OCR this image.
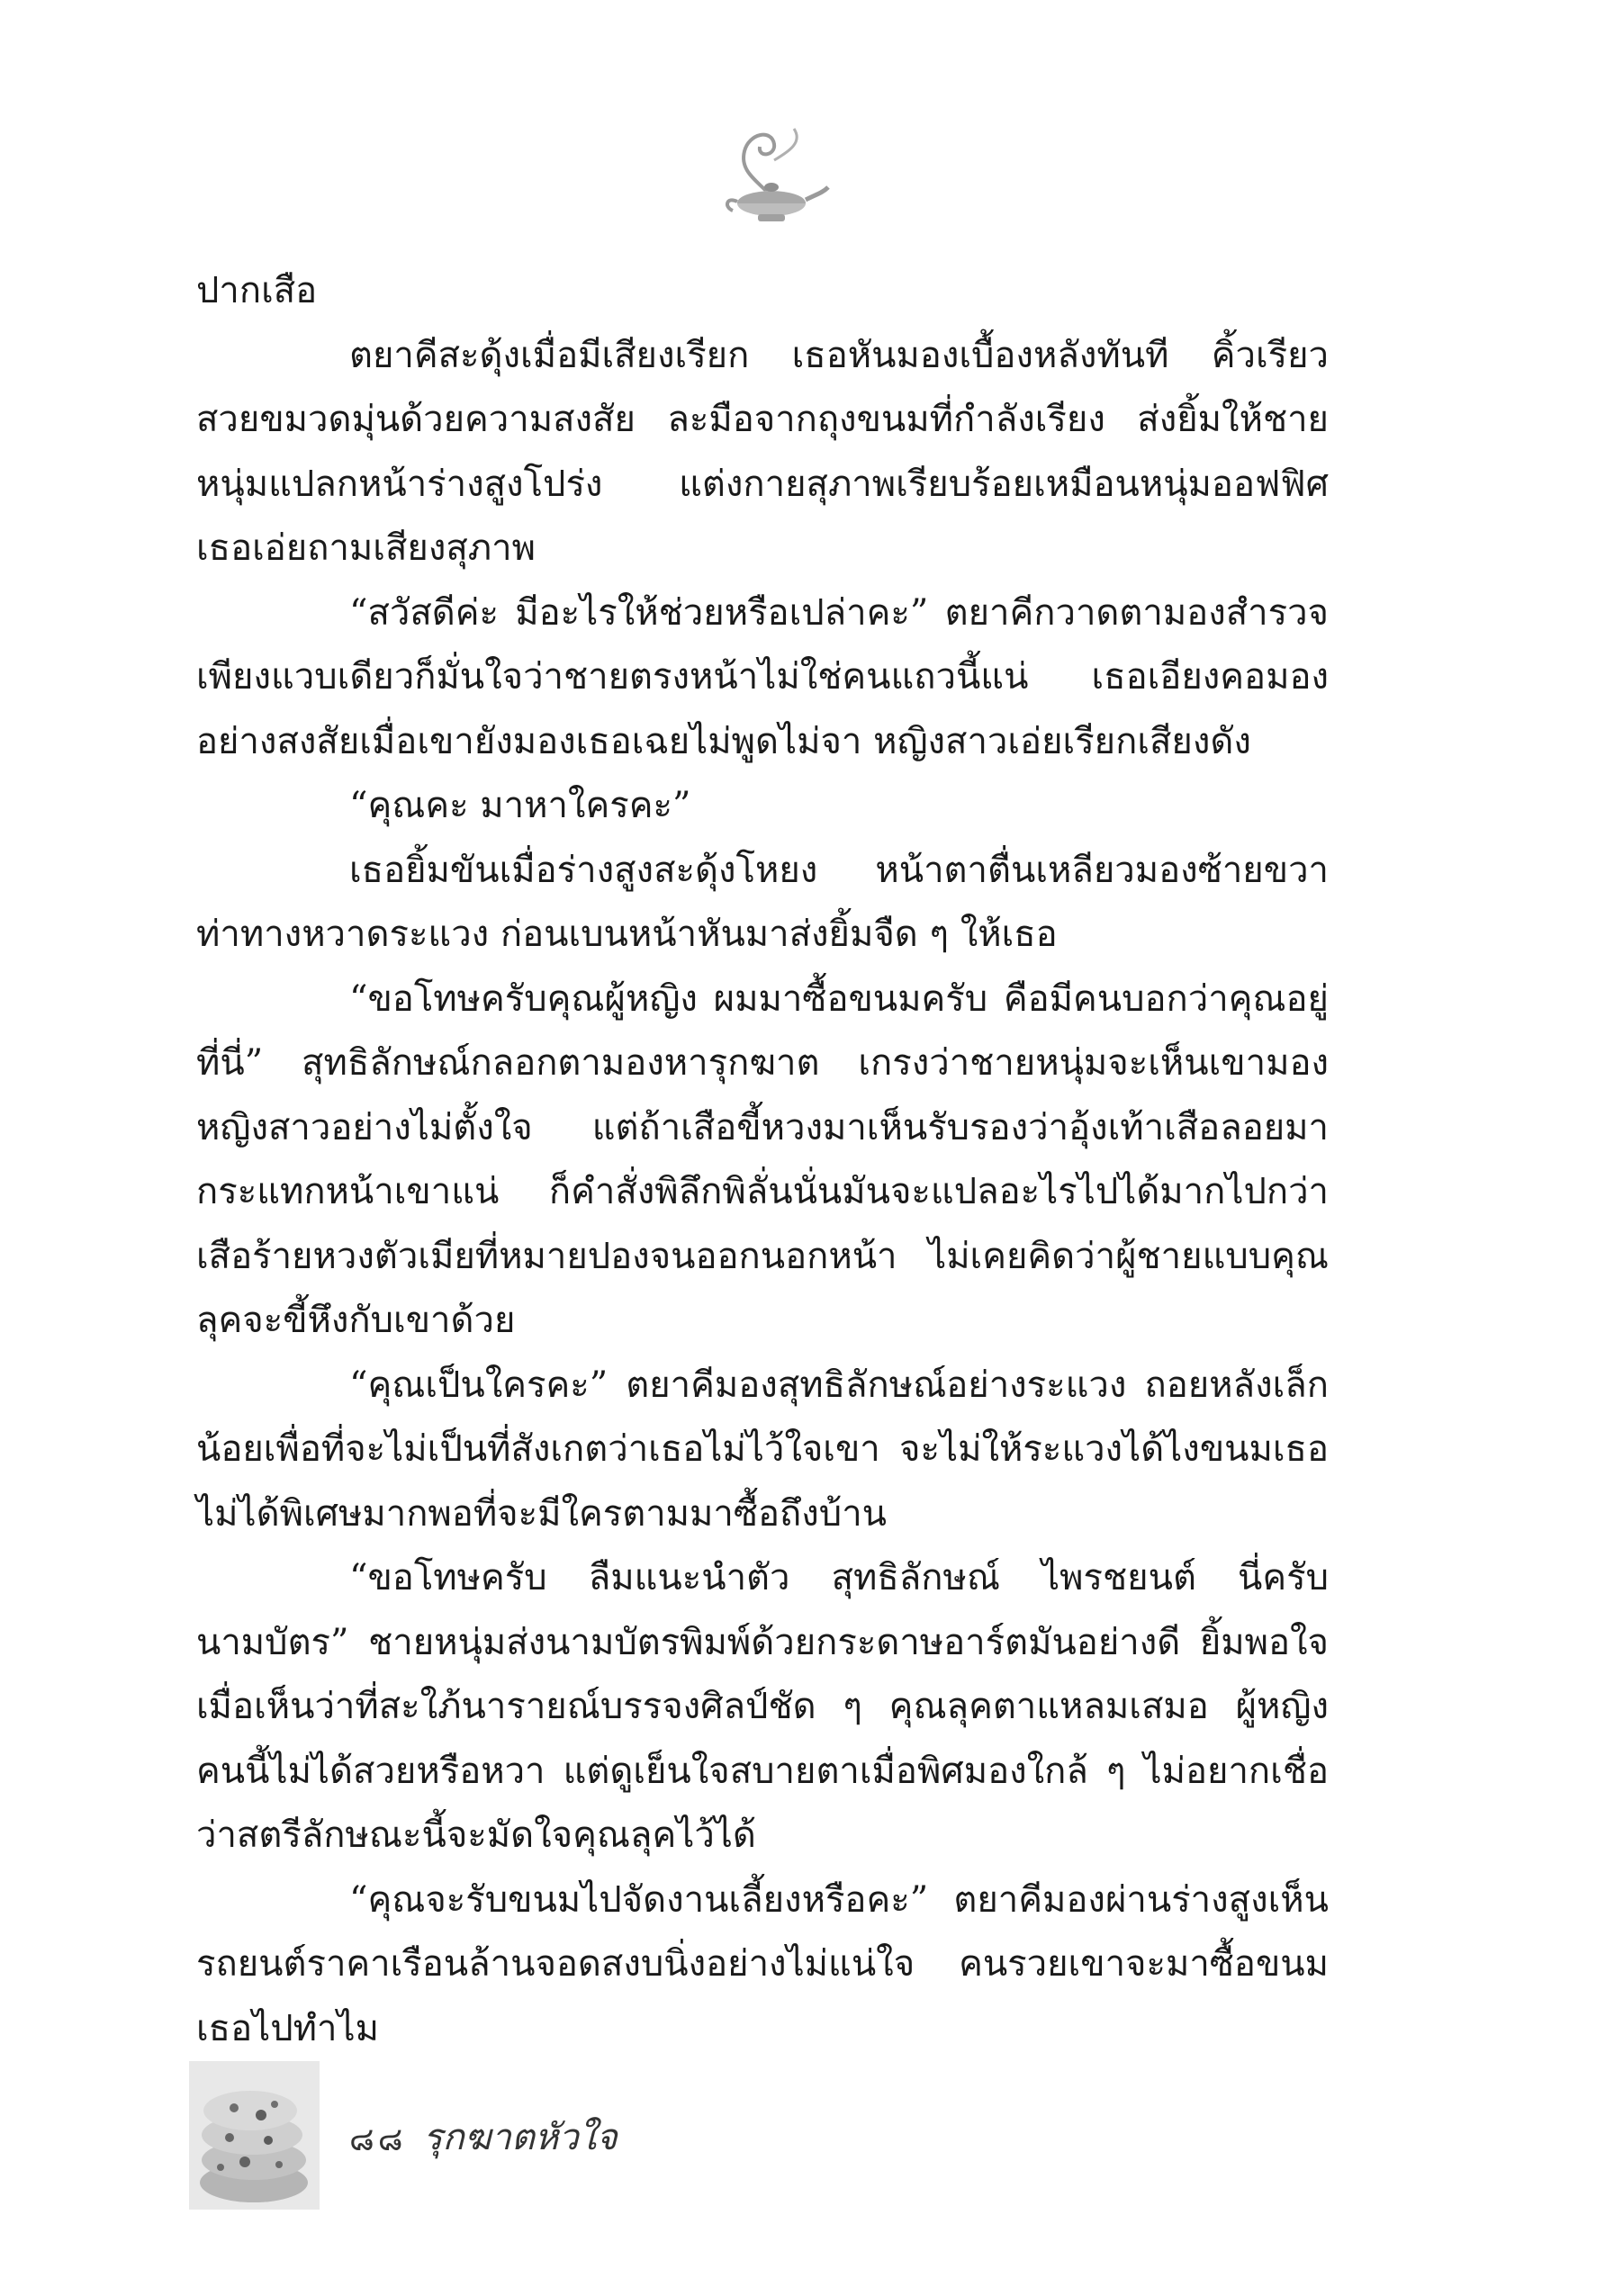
ปากเสือ

ตยาคีสะดุ้งเมื่อมีเสียงเรียก เธอหันมองเบื้องหลังทันที คิ้วเรียวสวยขมวดมุ่นด้วยความสงสัย ละมือจากถุงขนมที่กำลังเรียง ส่งยิ้มให้ชายหนุ่มแปลกหน้าร่างสูงโปร่ง แต่งกายสุภาพเรียบร้อยเหมือนหนุ่มออฟฟิศ เธอเอ่ยถามเสียงสุภาพ

“สวัสดีค่ะ มีอะไรให้ช่วยหรือเปล่าคะ” ตยาคีกวาดตามองสำรวจเพียงแวบเดียวก็มั่นใจว่าชายตรงหน้าไม่ใช่คนแถวนี้แน่ เธอเอียงคอมองอย่างสงสัยเมื่อเขายังมองเธอเฉยไม่พูดไม่จา หญิงสาวเอ่ยเรียกเสียงดัง

“คุณคะ มาหาใครคะ”

เธอยิ้มขันเมื่อร่างสูงสะดุ้งโหยง หน้าตาตื่นเหลียวมองซ้ายขวาท่าทางหวาดระแวง ก่อนเบนหน้าหันมาส่งยิ้มจืด ๆ ให้เธอ

“ขอโทษครับคุณผู้หญิง ผมมาซื้อขนมครับ คือมีคนบอกว่าคุณอยู่ที่นี่” สุทธิลักษณ์กลอกตามองหารุกฆาต เกรงว่าชายหนุ่มจะเห็นเขามองหญิงสาวอย่างไม่ตั้งใจ แต่ถ้าเสือขี้หวงมาเห็นรับรองว่าอุ้งเท้าเสือลอยมากระแทกหน้าเขาแน่ ก็คำสั่งพิลึกพิลั่นนั่นมันจะแปลอะไรไปได้มากไปกว่าเสือร้ายหวงตัวเมียที่หมายปองจนออกนอกหน้า ไม่เคยคิดว่าผู้ชายแบบคุณลุคจะขี้หึงกับเขาด้วย

“คุณเป็นใครคะ” ตยาคีมองสุทธิลักษณ์อย่างระแวง ถอยหลังเล็กน้อยเพื่อที่จะไม่เป็นที่สังเกตว่าเธอไม่ไว้ใจเขา จะไม่ให้ระแวงได้ไงขนมเธอไม่ได้พิเศษมากพอที่จะมีใครตามมาซื้อถึงบ้าน

“ขอโทษครับ ลืมแนะนำตัว สุทธิลักษณ์ ไพรชยนต์ นี่ครับนามบัตร” ชายหนุ่มส่งนามบัตรพิมพ์ด้วยกระดาษอาร์ตมันอย่างดี ยิ้มพอใจเมื่อเห็นว่าที่สะใภ้นารายณ์บรรจงศิลป์ชัด ๆ คุณลุคตาแหลมเสมอ ผู้หญิงคนนี้ไม่ได้สวยหรือหวา แต่ดูเย็นใจสบายตาเมื่อพิศมองใกล้ ๆ ไม่อยากเชื่อว่าสตรีลักษณะนี้จะมัดใจคุณลุคไว้ได้

“คุณจะรับขนมไปจัดงานเลี้ยงหรือคะ” ตยาคีมองผ่านร่างสูงเห็นรถยนต์ราคาเรือนล้านจอดสงบนิ่งอย่างไม่แน่ใจ คนรวยเขาจะมาซื้อขนมเธอไปทำไม

๘๘ รุกฆาตหัวใจ
